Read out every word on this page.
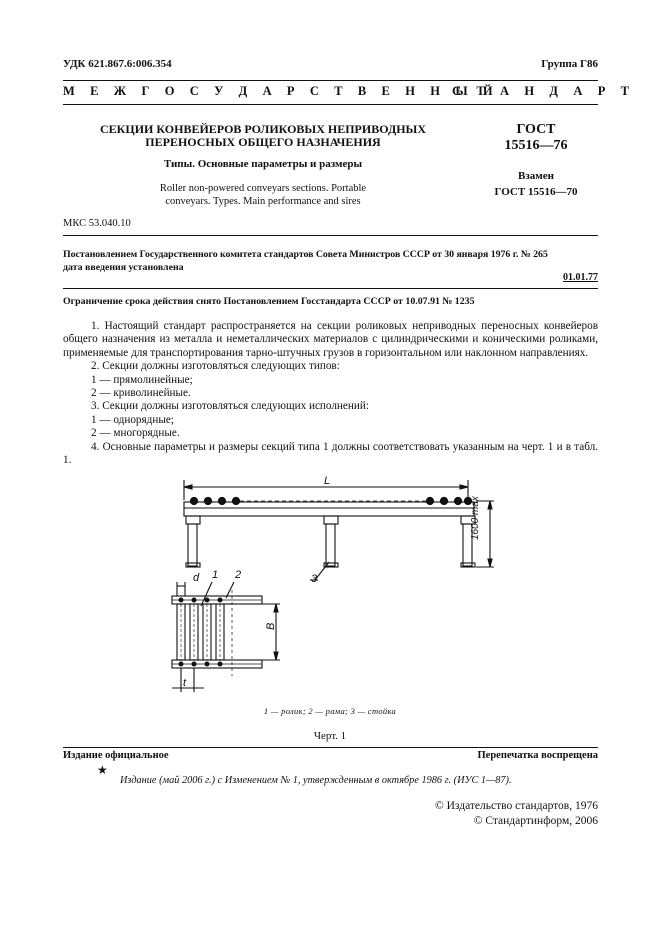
УДК 621.867.6:006.354	Группа Г86
М Е Ж Г О С У Д А Р С Т В Е Н Н Ы Й
С Т А Н Д А Р Т
СЕКЦИИ КОНВЕЙЕРОВ РОЛИКОВЫХ НЕПРИВОДНЫХ
ПЕРЕНОСНЫХ ОБЩЕГО НАЗНАЧЕНИЯ
Типы. Основные параметры и размеры
Roller non-powered conveyars sections. Portable
conveyars. Types. Main performance and sires
ГОСТ
15516—76
Взамен
ГОСТ 15516—70
МКС 53.040.10
Постановлением Государственного комитета стандартов Совета Министров СССР от 30 января 1976 г. № 265
дата введения установлена
01.01.77
Ограничение срока действия снято Постановлением Госстандарта СССР от 10.07.91 № 1235
1. Настоящий стандарт распространяется на секции роликовых неприводных переносных конвейеров общего назначения из металла и неметаллических материалов с цилиндрическими и коническими роликами, применяемые для транспортирования тарно-штучных грузов в горизонтальном или наклонном направлениях.
2. Секции должны изготовляться следующих типов:
1 — прямолинейные;
2 — криволинейные.
3. Секции должны изготовляться следующих исполнений:
1 — однорядные;
2 — многорядные.
4. Основные параметры и размеры секций типа 1 должны соответствовать указанным на черт. 1 и в табл. 1.
L
1600 max
3
d 1 2
B
t
1 — ролик; 2 — рама; 3 — стойка
Черт. 1
Издание официальное	Перепечатка воспрещена
★
Издание (май 2006 г.) с Изменением № 1, утвержденным в октябре 1986 г. (ИУС 1—87).
© Издательство стандартов, 1976
© Стандартинформ, 2006
